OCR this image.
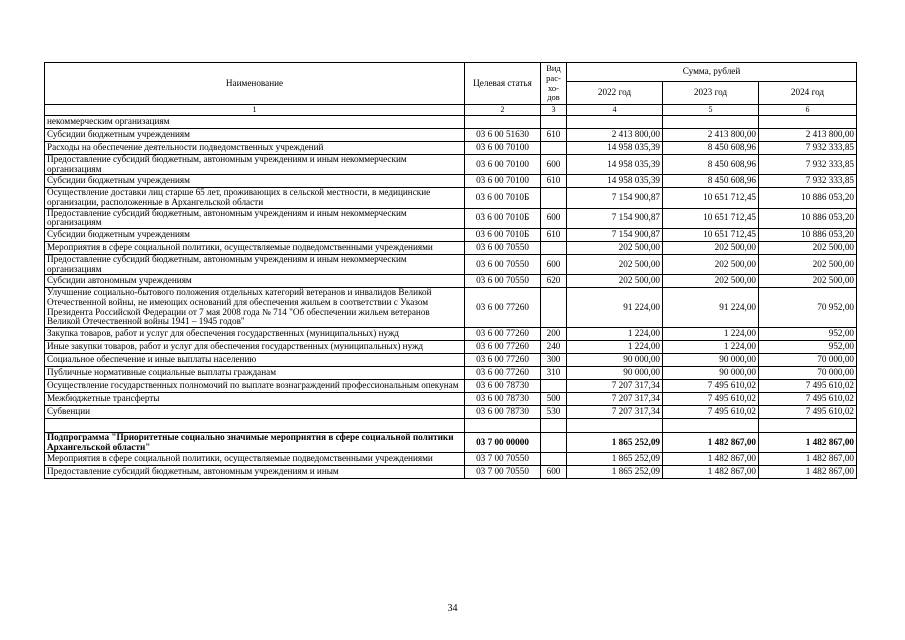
Наименование	Целевая статья	Вид рас-хо-дов	Сумма, рублей		
			2022 год	2023 год	2024 год
1	2	3	4	5	6
некоммерческим организациям					
Субсидии бюджетным учреждениям	03 6 00 51630	610	2 413 800,00	2 413 800,00	2 413 800,00
Расходы на обеспечение деятельности подведомственных учреждений	03 6 00 70100		14 958 035,39	8 450 608,96	7 932 333,85
Предоставление субсидий бюджетным, автономным учреждениям и иным некоммерческим организациям	03 6 00 70100	600	14 958 035,39	8 450 608,96	7 932 333,85
Субсидии бюджетным учреждениям	03 6 00 70100	610	14 958 035,39	8 450 608,96	7 932 333,85
Осуществление доставки лиц старше 65 лет, проживающих в сельской местности, в медицинские организации, расположенные в Архангельской области	03 6 00 7010Б		7 154 900,87	10 651 712,45	10 886 053,20
Предоставление субсидий бюджетным, автономным учреждениям и иным некоммерческим организациям	03 6 00 7010Б	600	7 154 900,87	10 651 712,45	10 886 053,20
Субсидии бюджетным учреждениям	03 6 00 7010Б	610	7 154 900,87	10 651 712,45	10 886 053,20
Мероприятия в сфере социальной политики, осуществляемые подведомственными учреждениями	03 6 00 70550		202 500,00	202 500,00	202 500,00
Предоставление субсидий бюджетным, автономным учреждениям и иным некоммерческим организациям	03 6 00 70550	600	202 500,00	202 500,00	202 500,00
Субсидии автономным учреждениям	03 6 00 70550	620	202 500,00	202 500,00	202 500,00
Улучшение социально-бытового положения отдельных категорий ветеранов и инвалидов Великой Отечественной войны, не имеющих оснований для обеспечения жильем в соответствии с Указом Президента Российской Федерации от 7 мая 2008 года № 714 "Об обеспечении жильем ветеранов Великой Отечественной войны 1941 – 1945 годов"	03 6 00 77260		91 224,00	91 224,00	70 952,00
Закупка товаров, работ и услуг для обеспечения государственных (муниципальных) нужд	03 6 00 77260	200	1 224,00	1 224,00	952,00
Иные закупки товаров, работ и услуг для обеспечения государственных (муниципальных) нужд	03 6 00 77260	240	1 224,00	1 224,00	952,00
Социальное обеспечение и иные выплаты населению	03 6 00 77260	300	90 000,00	90 000,00	70 000,00
Публичные нормативные социальные выплаты гражданам	03 6 00 77260	310	90 000,00	90 000,00	70 000,00
Осуществление государственных полномочий по выплате вознаграждений профессиональным опекунам	03 6 00 78730		7 207 317,34	7 495 610,02	7 495 610,02
Межбюджетные трансферты	03 6 00 78730	500	7 207 317,34	7 495 610,02	7 495 610,02
Субвенции	03 6 00 78730	530	7 207 317,34	7 495 610,02	7 495 610,02

Подпрограмма "Приоритетные социально значимые мероприятия в сфере социальной политики Архангельской области"	03 7 00 00000		1 865 252,09	1 482 867,00	1 482 867,00
Мероприятия в сфере социальной политики, осуществляемые подведомственными учреждениями	03 7 00 70550		1 865 252,09	1 482 867,00	1 482 867,00
Предоставление субсидий бюджетным, автономным учреждениям и иным	03 7 00 70550	600	1 865 252,09	1 482 867,00	1 482 867,00
34
